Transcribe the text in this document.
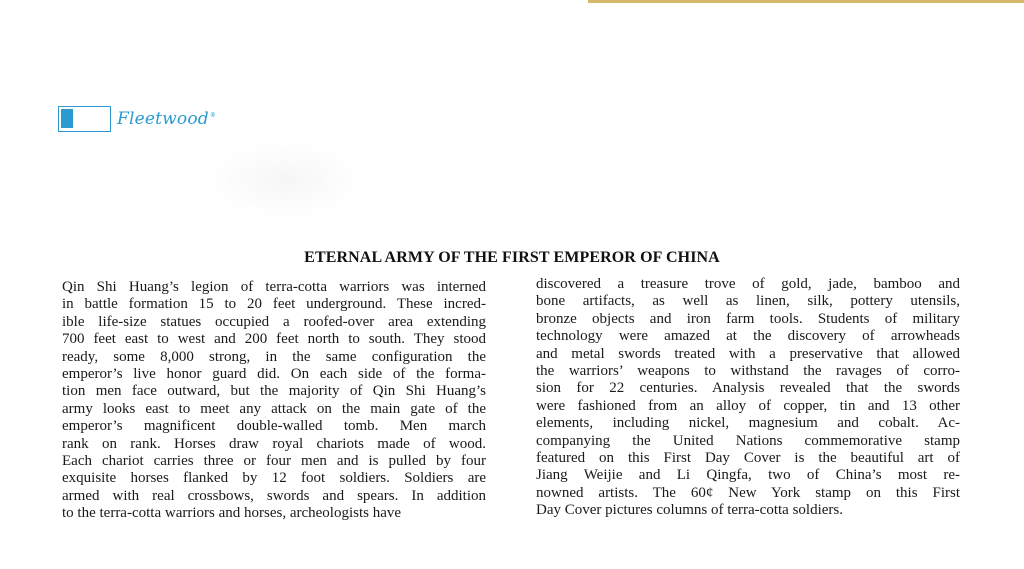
Fleetwood®
ETERNAL ARMY OF THE FIRST EMPEROR OF CHINA
Qin Shi Huang’s legion of terra-cotta warriors was interned
in battle formation 15 to 20 feet underground. These incred-
ible life-size statues occupied a roofed-over area extending
700 feet east to west and 200 feet north to south. They stood
ready, some 8,000 strong, in the same configuration the
emperor’s live honor guard did. On each side of the forma-
tion men face outward, but the majority of Qin Shi Huang’s
army looks east to meet any attack on the main gate of the
emperor’s magnificent double-walled tomb. Men march
rank on rank. Horses draw royal chariots made of wood.
Each chariot carries three or four men and is pulled by four
exquisite horses flanked by 12 foot soldiers. Soldiers are
armed with real crossbows, swords and spears. In addition
to the terra-cotta warriors and horses, archeologists have
discovered a treasure trove of gold, jade, bamboo and
bone artifacts, as well as linen, silk, pottery utensils,
bronze objects and iron farm tools. Students of military
technology were amazed at the discovery of arrowheads
and metal swords treated with a preservative that allowed
the warriors’ weapons to withstand the ravages of corro-
sion for 22 centuries. Analysis revealed that the swords
were fashioned from an alloy of copper, tin and 13 other
elements, including nickel, magnesium and cobalt. Ac-
companying the United Nations commemorative stamp
featured on this First Day Cover is the beautiful art of
Jiang Weijie and Li Qingfa, two of China’s most re-
nowned artists. The 60¢ New York stamp on this First
Day Cover pictures columns of terra-cotta soldiers.
